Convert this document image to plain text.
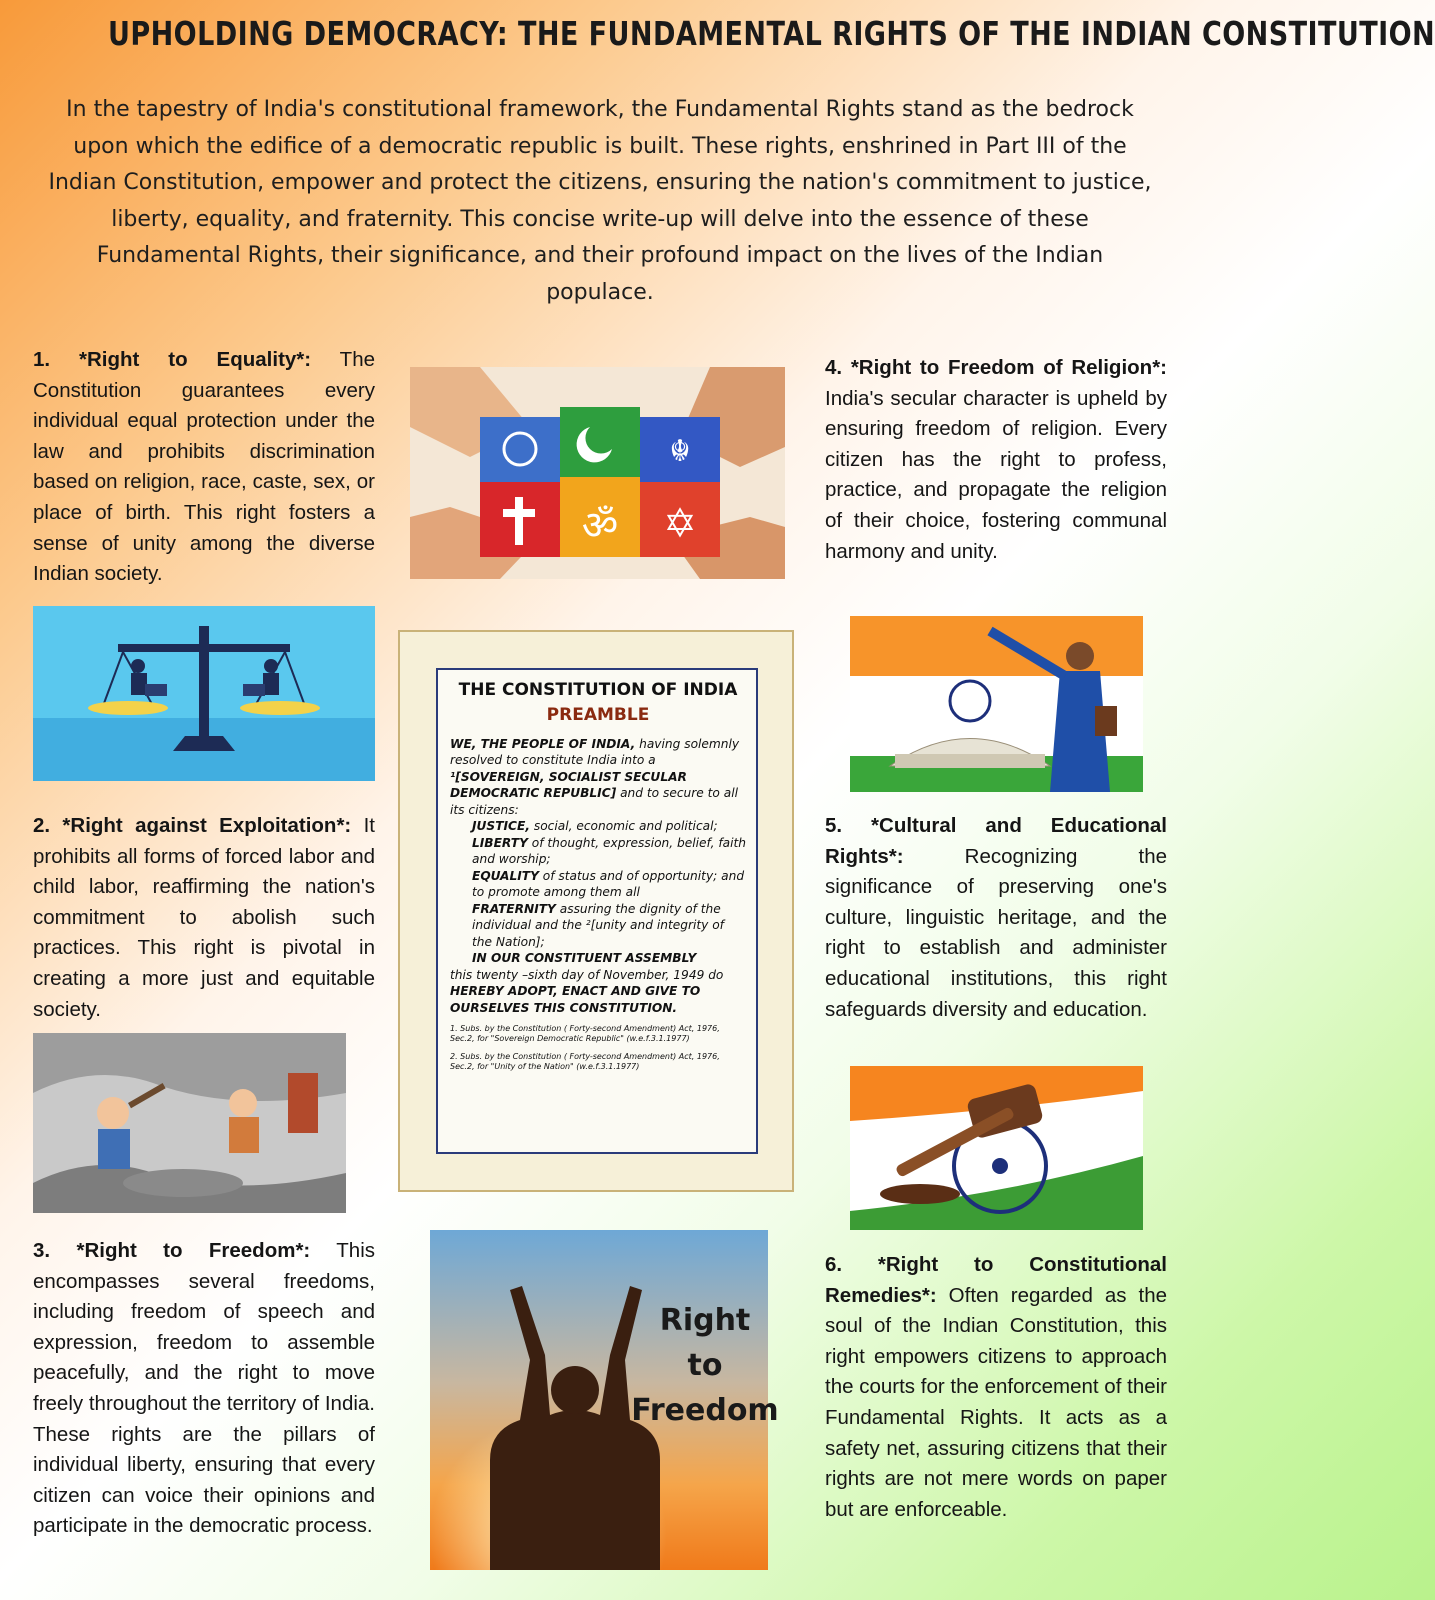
UPHOLDING DEMOCRACY: THE FUNDAMENTAL RIGHTS OF THE INDIAN CONSTITUTION
In the tapestry of India's constitutional framework, the Fundamental Rights stand as the bedrock upon which the edifice of a democratic republic is built. These rights, enshrined in Part III of the Indian Constitution, empower and protect the citizens, ensuring the nation's commitment to justice, liberty, equality, and fraternity. This concise write-up will delve into the essence of these Fundamental Rights, their significance, and their profound impact on the lives of the Indian populace.
1. *Right to Equality*: The Constitution guarantees every individual equal protection under the law and prohibits discrimination based on religion, race, caste, sex, or place of birth. This right fosters a sense of unity among the diverse Indian society.
2. *Right against Exploitation*: It prohibits all forms of forced labor and child labor, reaffirming the nation's commitment to abolish such practices. This right is pivotal in creating a more just and equitable society.
3. *Right to Freedom*: This encompasses several freedoms, including freedom of speech and expression, freedom to assemble peacefully, and the right to move freely throughout the territory of India. These rights are the pillars of individual liberty, ensuring that every citizen can voice their opinions and participate in the democratic process.
4. *Right to Freedom of Religion*: India's secular character is upheld by ensuring freedom of religion. Every citizen has the right to profess, practice, and propagate the religion of their choice, fostering communal harmony and unity.
5. *Cultural and Educational Rights*:	Recognizing the significance of preserving one's culture, linguistic heritage, and the right to establish and administer educational institutions, this right safeguards diversity and education.
6. *Right to Constitutional Remedies*: Often regarded as the soul of the Indian Constitution, this right empowers citizens to approach the courts for the enforcement of their Fundamental Rights. It acts as a safety net, assuring citizens that their rights are not mere words on paper but are enforceable.
☬
ॐ ✡
THE CONSTITUTION OF INDIA
PREAMBLE
WE, THE PEOPLE OF INDIA, having solemnly resolved to constitute India into a ¹[SOVEREIGN, SOCIALIST SECULAR DEMOCRATIC REPUBLIC] and to secure to all its citizens:
JUSTICE, social, economic and political;
LIBERTY of thought, expression, belief, faith and worship;
EQUALITY of status and of opportunity; and to promote among them all
FRATERNITY assuring the dignity of the individual and the ²[unity and integrity of the Nation];
IN OUR CONSTITUENT ASSEMBLY
this twenty –sixth day of November, 1949 do
HEREBY ADOPT, ENACT AND GIVE TO OURSELVES THIS CONSTITUTION.
1. Subs. by the Constitution ( Forty-second Amendment) Act, 1976, Sec.2, for "Sovereign Democratic Republic" (w.e.f.3.1.1977)
2. Subs. by the Constitution ( Forty-second Amendment) Act, 1976, Sec.2, for "Unity of the Nation" (w.e.f.3.1.1977)
Right
to
Freedom
